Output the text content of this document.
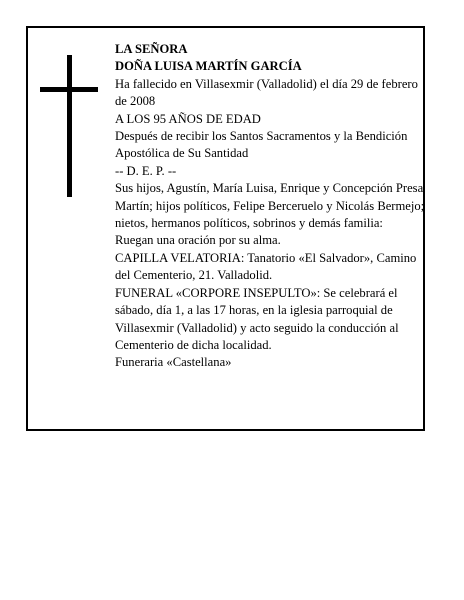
LA SEÑORA

DOÑA LUISA MARTÍN GARCÍA

Ha fallecido en Villasexmir (Valladolid) el día 29 de febrero de 2008

A LOS 95 AÑOS DE EDAD

Después de recibir los Santos Sacramentos y la Bendición Apostólica de Su Santidad

-- D. E. P. --

Sus hijos, Agustín, María Luisa, Enrique y Concepción Presa Martín; hijos políticos, Felipe Berceruelo y Nicolás Bermejo; nietos, hermanos políticos, sobrinos y demás familia:

Ruegan una oración por su alma.

CAPILLA VELATORIA: Tanatorio «El Salvador», Camino del Cementerio, 21. Valladolid.

FUNERAL «CORPORE INSEPULTO»: Se celebrará el sábado, día 1, a las 17 horas, en la iglesia parroquial de Villasexmir (Valladolid) y acto seguido la conducción al Cementerio de dicha localidad.

Funeraria «Castellana»
